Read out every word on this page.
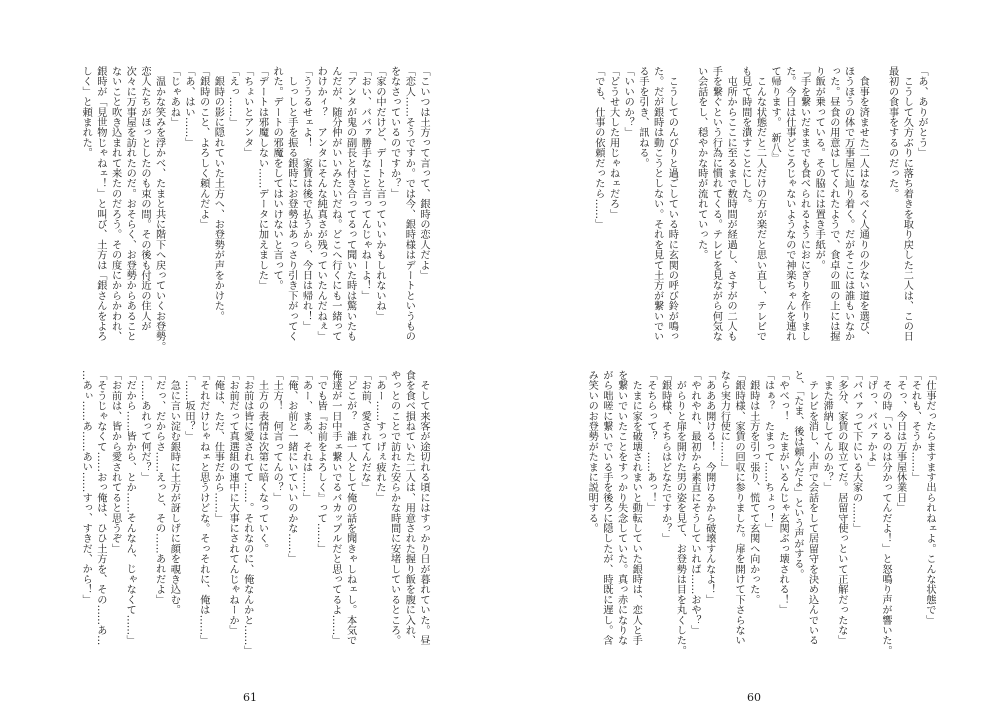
「こいつは土方って言って、銀時の恋人だよ」
「恋人……そうですか。では今、銀時様はデートというもの
をなさっているのですか？」
「家の中だけど、デートと言っていいかもしれないね」
「おい、ババァ勝手なこと言ってんじゃねーよ！」
「アンタが鬼の副長と付き合ってるって聞いた時は驚いたも
んだが、随分仲がいいみたいだね。どこへ行くにも一緒って
わけかィ？　アンタにそんな純真さが残っていたんだねぇ」
「ううるせェよ！　家賃は後で払うから、今日は帰れ！」
　しっしと手を振る銀時にお登勢はあっさり引き下がってく
れた。デートの邪魔をしてはいけないと言って。
「デートは邪魔しない……データに加えました」
「ちょいとアンタ」
「えっ……」
　銀時の影に隠れていた土方へ、お登勢が声をかけた。
「銀時のこと、よろしく頼んだよ」
「あ、はい……」
「じゃあね」
　温かな笑みを浮かべ、たまと共に階下へ戻っていくお登勢。
恋人たちがほっとしたのも束の間。その後も付近の住人が
次々に万事屋を訪れたのだ。おそらく、お登勢からあること
ないこと吹き込まれて来たのだろう。その度にからかわれ、
銀時が「見世物じゃねェ！」と叫び、土方は「銀さんをよろ
しく」と頼まれた。
　そして来客が途切れる頃にはすっかり日が暮れていた。昼
食を食べ損ねていた二人は、用意された握り飯を腹に入れ、
やっとのことで訪れた安らかな時間に安堵しているところ。
「あー……すっげぇ疲れた」
「お前、愛されてんだな」
「どこが？　誰一人として俺の話を聞きゃしねェし。本気で
俺達が一日中手ェ繋いでるバカップルだと思ってるよ……」
「でも皆『お前をよろしく』って……」
「あー、まあ、それは……」
「俺、お前と一緒にいていいのかな……」
「土方！　何言ってんの？」
　土方の表情は次第に暗くなっていく。
「お前は皆に愛されてて……。それなのに、俺なんかと……」
「お前だって真選組の連中に大事にされてんじゃねーか」
「俺は、ただ、仕事だから……」
「それだけじゃねェと思うけどな。そっそれに、俺は……」
「……坂田？」
　急に言い淀む銀時に土方が訝しげに顔を覗き込む。
「だっ、だからさ……えっと、その……あれだよ」
「……あれって何だ？」
「だから……皆から、とか……そんなん、じゃなくて……」
「お前は、皆から愛されてると思うぞ」
「そうじゃなくて……おっ俺は、ひひ土方を、その……あ…
…あぃ……あ……あい……すっ、すきだ、から！」
61
「あ、ありがとう」
　こうして久方ぶりに落ち着きを取り戻した二人は、この日
最初の食事をするのだった。
　食事を済ませた二人はなるべく人通りの少ない道を選び、
ほうほうの体で万事屋に辿り着く。だがそこには誰もいなか
った。昼食の用意はしてくれたようで、食卓の皿の上には握
り飯が乗っている。その脇には置き手紙が。
『手を繋いだままでも食べられるようにおにぎりを作りまし
た。今日は仕事どころじゃないようなので神楽ちゃんを連れ
て帰ります。　新八』
　こんな状態だと二人だけの方が楽だと思い直し、テレビで
も見て時間を潰すことにした。
　屯所からここに至るまで数時間が経過し、さすがの二人も
手を繋ぐという行為に慣れてくる。テレビを見ながら何気な
い会話をし、穏やかな時が流れていった。
　こうしてのんびりと過ごしている時に玄関の呼び鈴が鳴っ
た。だが銀時は動こうとしない。それを見て土方が繋いでい
る手を引き、訊ねる。
「いいのか？」
「どうせ大した用じゃねェだろ」
「でも、仕事の依頼だったら……」
「仕事だったらますます出られねェよ。こんな状態で」
「それも、そうか……」
「そっ、今日は万事屋休業日」
　その時「いるのは分かってんだよ！」と怒鳴り声が響いた。
「げっ、ババァかよ」
「ババァって下にいる大家の……」
「多分、家賃の取立てだ。居留守使っといて正解だったな」
「また滞納してんのか？」
　テレビを消し、小声で会話をして居留守を決め込んでいる
と、「たま、後は頼んだよ」という声がする。
「やべっ！　たまがいるんじゃ玄関ぶっ壊される！」
「はぁ？　たまって……ちょっ！」
　銀時は土方を引っ張り、慌てて玄関へ向かった。
「銀時様、家賃の回収に参りました。扉を開けて下さらない
なら実力行使に……」
「あああ開ける！　今開けるから破壊すんなよ！」
「やれやれ、最初から素直にそうしていれば……おや？」
　がらりと扉を開けた男の姿を見て、お登勢は目を丸くした。
「銀時様、そちらはどなたですか？」
「そちらって？　……あっ！」
　たまに家を破壊されまいと動転していた銀時は、恋人と手
を繋いでいたことをすっかり失念していた。真っ赤になりな
がら咄嗟に繋いでいる手を後ろに隠したが、時既に遅し。含
み笑いのお登勢がたまに説明する。
60
